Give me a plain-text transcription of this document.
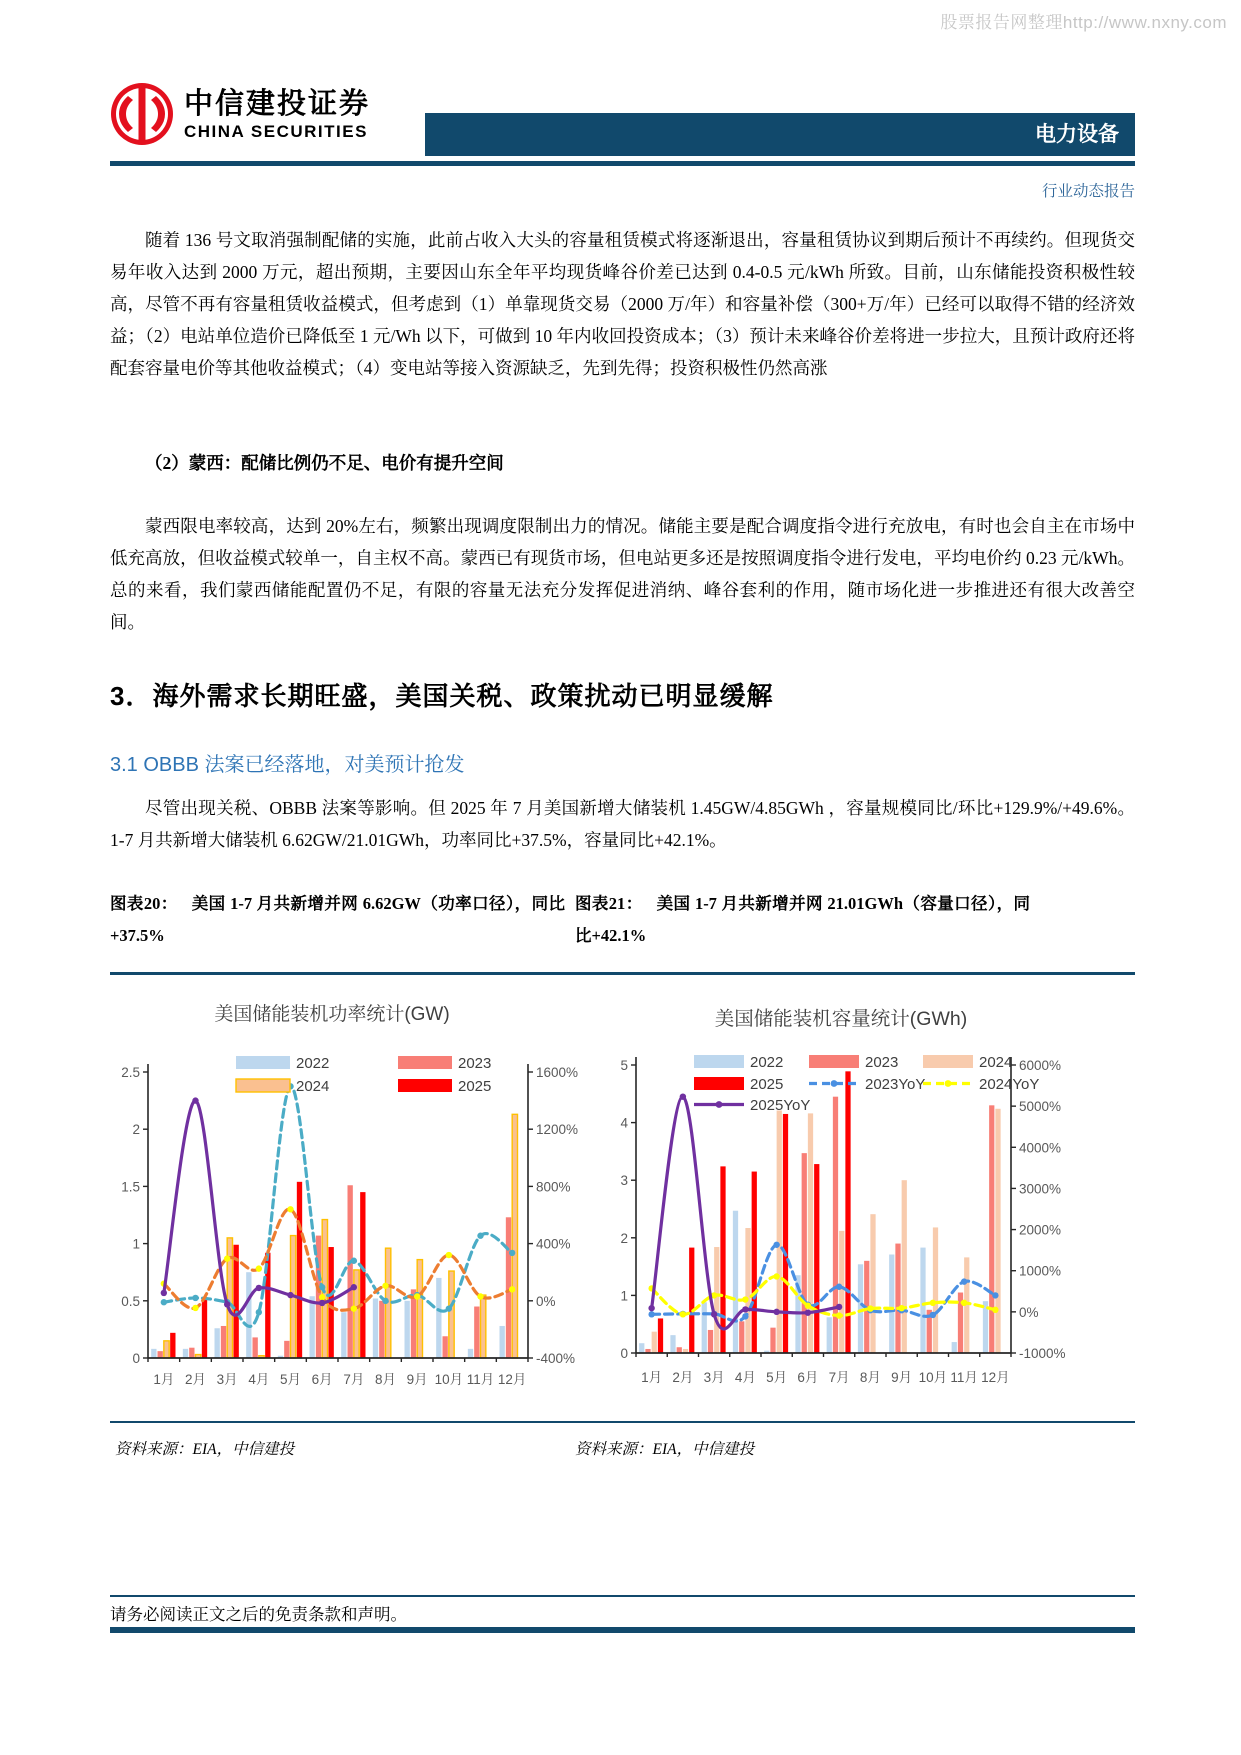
股票报告网整理http://www.nxny.com
中信建投证券
CHINA SECURITIES	电力设备
行业动态报告
随着 136 号文取消强制配储的实施，此前占收入大头的容量租赁模式将逐渐退出，容量租赁协议到期后预计不再续约。但现货交易年收入达到 2000 万元，超出预期，主要因山东全年平均现货峰谷价差已达到 0.4-0.5 元/kWh 所致。目前，山东储能投资积极性较高，尽管不再有容量租赁收益模式，但考虑到（1）单靠现货交易（2000 万/年）和容量补偿（300+万/年）已经可以取得不错的经济效益；（2）电站单位造价已降低至 1 元/Wh 以下，可做到 10 年内收回投资成本；（3）预计未来峰谷价差将进一步拉大，且预计政府还将配套容量电价等其他收益模式；（4）变电站等接入资源缺乏，先到先得；投资积极性仍然高涨
（2）蒙西：配储比例仍不足、电价有提升空间
蒙西限电率较高，达到 20%左右，频繁出现调度限制出力的情况。储能主要是配合调度指令进行充放电，有时也会自主在市场中低充高放，但收益模式较单一，自主权不高。蒙西已有现货市场，但电站更多还是按照调度指令进行发电，平均电价约 0.23 元/kWh。总的来看，我们蒙西储能配置仍不足，有限的容量无法充分发挥促进消纳、峰谷套利的作用，随市场化进一步推进还有很大改善空间。
3．海外需求长期旺盛，美国关税、政策扰动已明显缓解
3.1 OBBB 法案已经落地，对美预计抢发
尽管出现关税、OBBB 法案等影响。但 2025 年 7 月美国新增大储装机 1.45GW/4.85GWh ，容量规模同比/环比+129.9%/+49.6%。1-7 月共新增大储装机 6.62GW/21.01GWh，功率同比+37.5%，容量同比+42.1%。
图表20： 美国 1-7 月共新增并网 6.62GW（功率口径），同比+37.5%
图表21： 美国 1-7 月共新增并网 21.01GWh（容量口径），同比+42.1%
美国储能装机功率统计(GW)
0
0.5
1
1.5
2
2.5
-400%
0%
400%
800%
1200%
1600%
1月 2月 3月 4月 5月 6月 7月 8月 9月 10月 11月 12月
2022	2023
2024	2025
美国储能装机容量统计(GWh)
0
1
2
3
4
5
-1000%
0%
1000%
2000%
3000%
4000%
5000%
6000%
1月 2月 3月 4月 5月 6月 7月 8月 9月 10月 11月 12月
2022	2023	2024
2025	2023YoY	2024YoY
2025YoY
资料来源：EIA，中信建投	资料来源：EIA，中信建投
请务必阅读正文之后的免责条款和声明。
